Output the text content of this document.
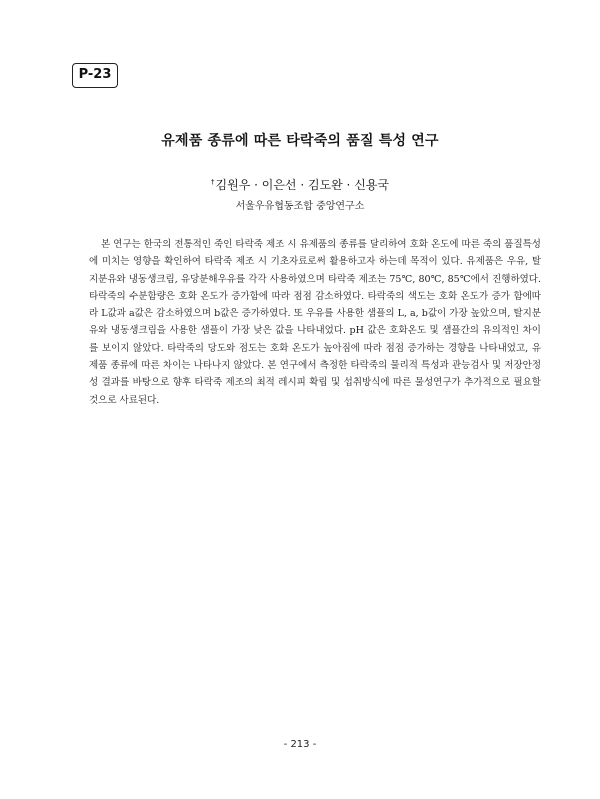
P-23
유제품 종류에 따른 타락죽의 품질 특성 연구
†김원우 · 이은선 · 김도완 · 신용국
서울우유협동조합 중앙연구소

본 연구는 한국의 전통적인 죽인 타락죽 제조 시 유제품의 종류를 달리하여 호화 온도에 따른 죽의 품질특성에 미치는 영향을 확인하여 타락죽 제조 시 기초자료로써 활용하고자 하는데 목적이 있다. 유제품은 우유, 탈지분유와 냉동생크림, 유당분해우유를 각각 사용하였으며 타락죽 제조는 75℃, 80℃, 85℃에서 진행하였다. 타락죽의 수분함량은 호화 온도가 증가함에 따라 점점 감소하였다. 타락죽의 색도는 호화 온도가 증가 함에따라 L값과 a값은 감소하였으며 b값은 증가하였다. 또 우유를 사용한 샘플의 L, a, b값이 가장 높았으며, 탈지분유와 냉동생크림을 사용한 샘플이 가장 낮은 값을 나타내었다. pH 값은 호화온도 및 샘플간의 유의적인 차이를 보이지 않았다. 타락죽의 당도와 점도는 호화 온도가 높아짐에 따라 점점 증가하는 경향을 나타내었고, 유제품 종류에 따른 차이는 나타나지 않았다. 본 연구에서 측정한 타락죽의 물리적 특성과 관능검사 및 저장안정성 결과를 바탕으로 향후 타락죽 제조의 최적 레시피 확립 및 섭취방식에 따른 물성연구가 추가적으로 필요할 것으로 사료된다.

- 213 -
